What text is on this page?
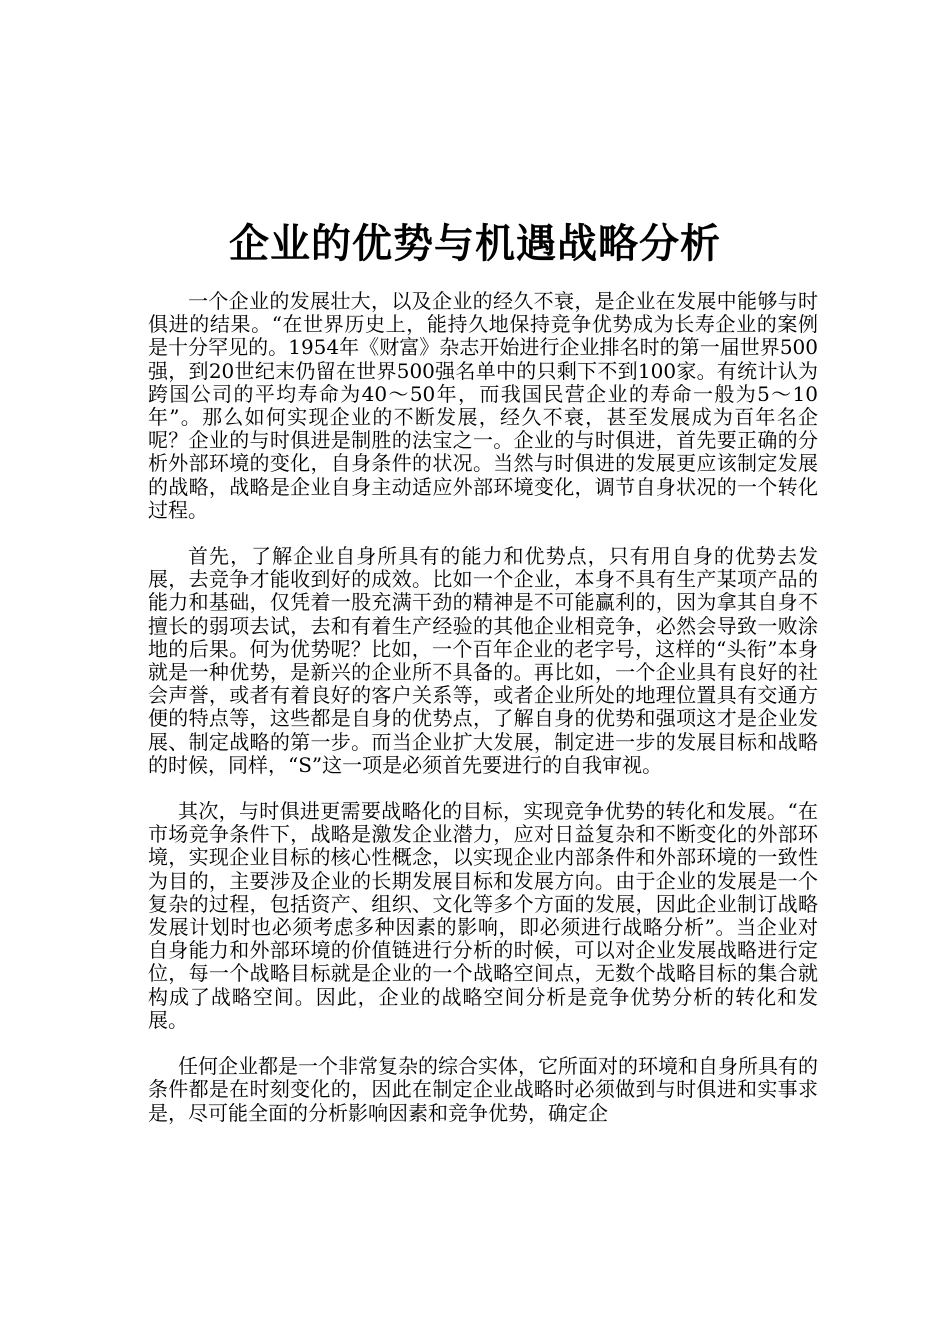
企业的优势与机遇战略分析

一个企业的发展壮大，以及企业的经久不衰，是企业在发展中能够与时俱进的结果。“在世界历史上，能持久地保持竞争优势成为长寿企业的案例是十分罕见的。1954年《财富》杂志开始进行企业排名时的第一届世界500强，到20世纪末仍留在世界500强名单中的只剩下不到100家。有统计认为跨国公司的平均寿命为40～50年，而我国民营企业的寿命一般为5～10年”。那么如何实现企业的不断发展，经久不衰，甚至发展成为百年名企呢？企业的与时俱进是制胜的法宝之一。企业的与时俱进，首先要正确的分析外部环境的变化，自身条件的状况。当然与时俱进的发展更应该制定发展的战略，战略是企业自身主动适应外部环境变化，调节自身状况的一个转化过程。

首先，了解企业自身所具有的能力和优势点，只有用自身的优势去发展，去竞争才能收到好的成效。比如一个企业，本身不具有生产某项产品的能力和基础，仅凭着一股充满干劲的精神是不可能赢利的，因为拿其自身不擅长的弱项去试，去和有着生产经验的其他企业相竞争，必然会导致一败涂地的后果。何为优势呢？比如，一个百年企业的老字号，这样的“头衔”本身就是一种优势，是新兴的企业所不具备的。再比如，一个企业具有良好的社会声誉，或者有着良好的客户关系等，或者企业所处的地理位置具有交通方便的特点等，这些都是自身的优势点，了解自身的优势和强项这才是企业发展、制定战略的第一步。而当企业扩大发展，制定进一步的发展目标和战略的时候，同样，“S”这一项是必须首先要进行的自我审视。

其次，与时俱进更需要战略化的目标，实现竞争优势的转化和发展。“在市场竞争条件下，战略是激发企业潜力，应对日益复杂和不断变化的外部环境，实现企业目标的核心性概念，以实现企业内部条件和外部环境的一致性为目的，主要涉及企业的长期发展目标和发展方向。由于企业的发展是一个复杂的过程，包括资产、组织、文化等多个方面的发展，因此企业制订战略发展计划时也必须考虑多种因素的影响，即必须进行战略分析”。当企业对自身能力和外部环境的价值链进行分析的时候，可以对企业发展战略进行定位，每一个战略目标就是企业的一个战略空间点，无数个战略目标的集合就构成了战略空间。因此，企业的战略空间分析是竞争优势分析的转化和发展。

任何企业都是一个非常复杂的综合实体，它所面对的环境和自身所具有的条件都是在时刻变化的，因此在制定企业战略时必须做到与时俱进和实事求是，尽可能全面的分析影响因素和竞争优势，确定企
